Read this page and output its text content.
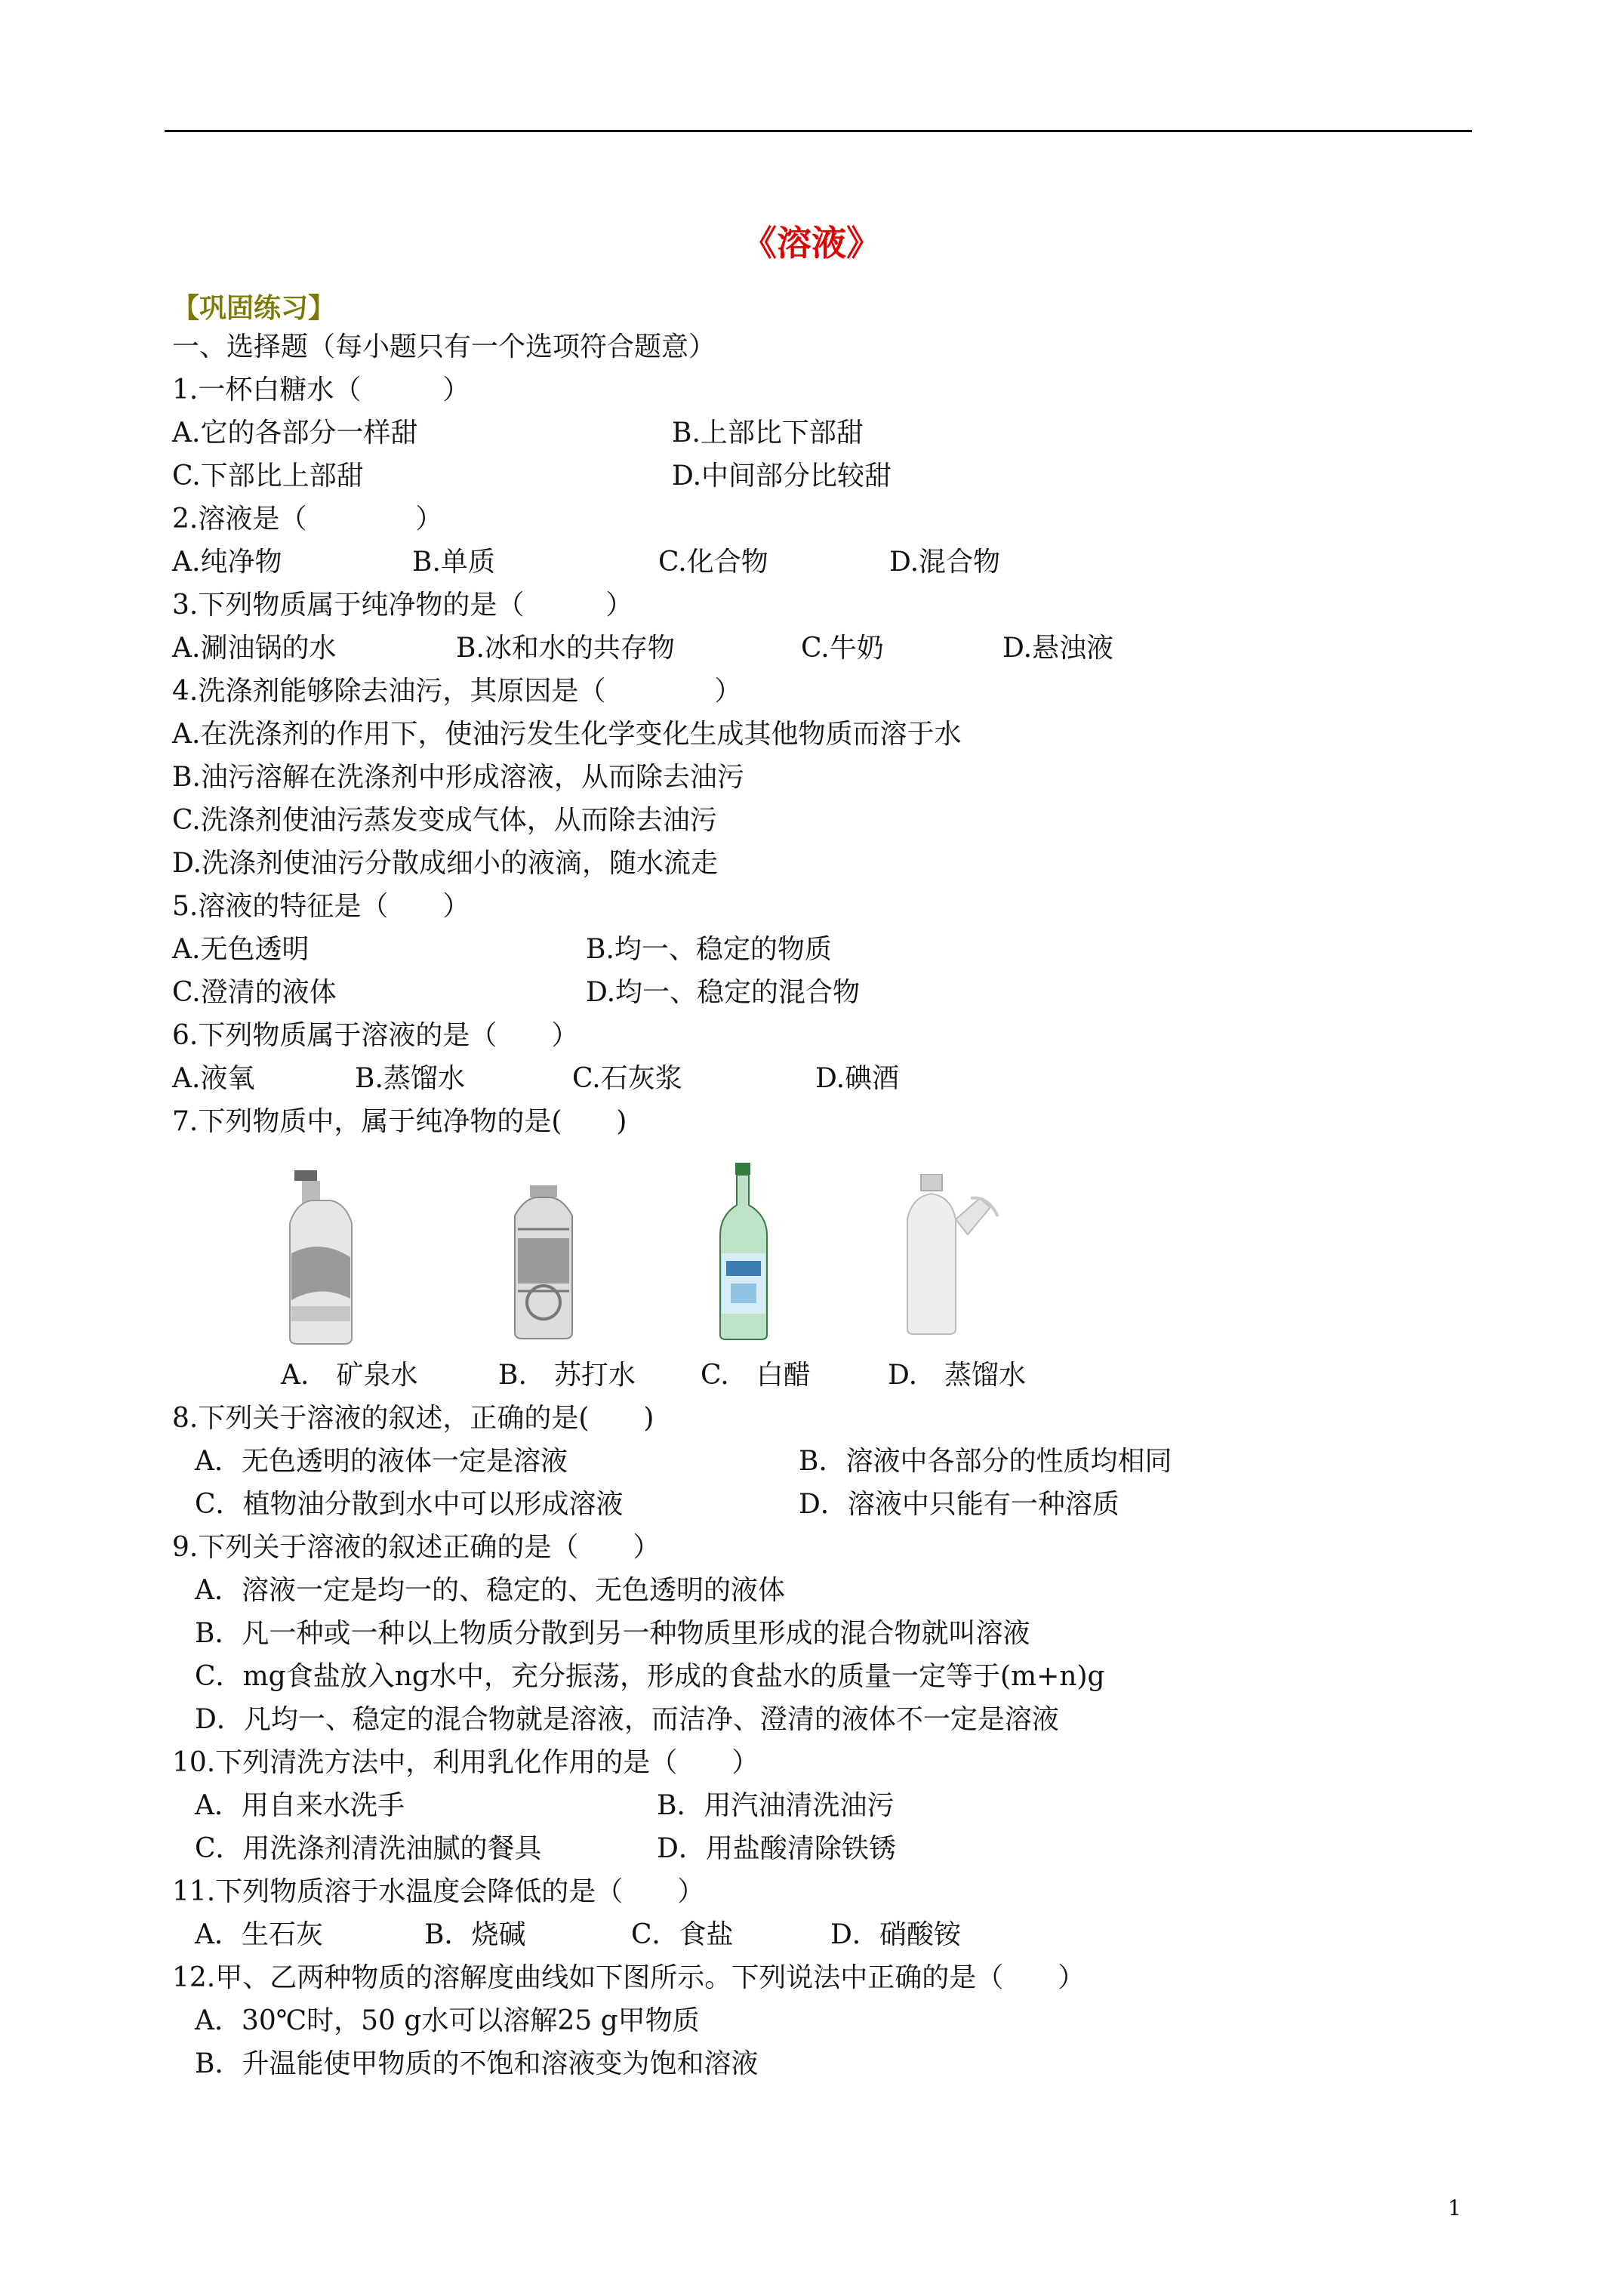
《溶液》
【巩固练习】
一、选择题（每小题只有一个选项符合题意）
1.一杯白糖水（　　　）
A.它的各部分一样甜	B.上部比下部甜
C.下部比上部甜	D.中间部分比较甜
2.溶液是（　　　　）
A.纯净物	B.单质	C.化合物	D.混合物
3.下列物质属于纯净物的是（　　　）
A.涮油锅的水	B.冰和水的共存物	C.牛奶	D.悬浊液
4.洗涤剂能够除去油污，其原因是（　　　　）
A.在洗涤剂的作用下，使油污发生化学变化生成其他物质而溶于水
B.油污溶解在洗涤剂中形成溶液，从而除去油污
C.洗涤剂使油污蒸发变成气体，从而除去油污
D.洗涤剂使油污分散成细小的液滴，随水流走
5.溶液的特征是（　　）
A.无色透明	B.均一、稳定的物质
C.澄清的液体	D.均一、稳定的混合物
6.下列物质属于溶液的是（　　）
A.液氧	B.蒸馏水	C.石灰浆	D.碘酒
7.下列物质中，属于纯净物的是(　　)
A.　矿泉水	B.　苏打水 C.　白醋	D.　蒸馏水
8.下列关于溶液的叙述，正确的是(　　)
A．无色透明的液体一定是溶液	B．溶液中各部分的性质均相同
C．植物油分散到水中可以形成溶液	D．溶液中只能有一种溶质
9.下列关于溶液的叙述正确的是（　　）
A．溶液一定是均一的、稳定的、无色透明的液体
B．凡一种或一种以上物质分散到另一种物质里形成的混合物就叫溶液
C．mg食盐放入ng水中，充分振荡，形成的食盐水的质量一定等于(m+n)g
D．凡均一、稳定的混合物就是溶液，而洁净、澄清的液体不一定是溶液
10.下列清洗方法中，利用乳化作用的是（　　）
A．用自来水洗手	B．用汽油清洗油污
C．用洗涤剂清洗油腻的餐具	D．用盐酸清除铁锈
11.下列物质溶于水温度会降低的是（　　）
A．生石灰	B．烧碱	C．食盐	D．硝酸铵
12.甲、乙两种物质的溶解度曲线如下图所示。下列说法中正确的是（　　）
A．30℃时，50 g水可以溶解25 g甲物质
B．升温能使甲物质的不饱和溶液变为饱和溶液
1
